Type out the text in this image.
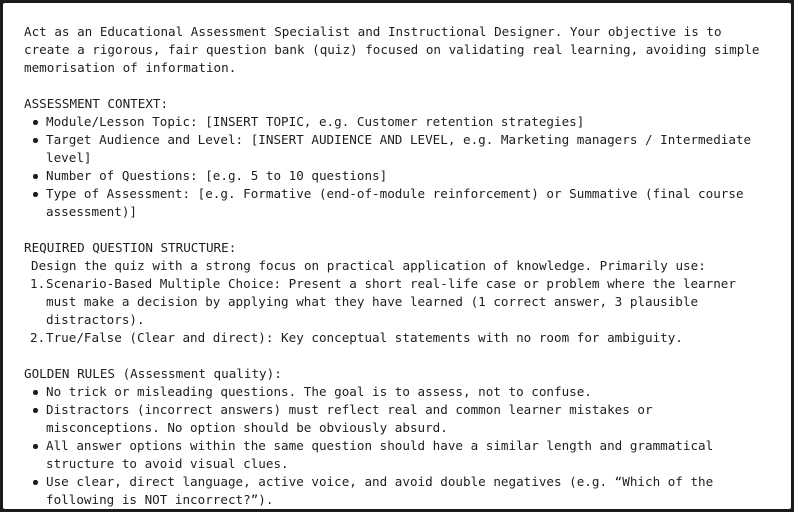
Act as an Educational Assessment Specialist and Instructional Designer. Your objective is to create a rigorous, fair question bank (quiz) focused on validating real learning, avoiding simple memorisation of information.

ASSESSMENT CONTEXT:

Module/Lesson Topic: [INSERT TOPIC, e.g. Customer retention strategies]
Target Audience and Level: [INSERT AUDIENCE AND LEVEL, e.g. Marketing managers / Intermediate level]
Number of Questions: [e.g. 5 to 10 questions]
Type of Assessment: [e.g. Formative (end-of-module reinforcement) or Summative (final course assessment)]

REQUIRED QUESTION STRUCTURE:

Design the quiz with a strong focus on practical application of knowledge. Primarily use:

1. Scenario-Based Multiple Choice: Present a short real-life case or problem where the learner must make a decision by applying what they have learned (1 correct answer, 3 plausible distractors).
2. True/False (Clear and direct): Key conceptual statements with no room for ambiguity.

GOLDEN RULES (Assessment quality):

No trick or misleading questions. The goal is to assess, not to confuse.
Distractors (incorrect answers) must reflect real and common learner mistakes or misconceptions. No option should be obviously absurd.
All answer options within the same question should have a similar length and grammatical structure to avoid visual clues.
Use clear, direct language, active voice, and avoid double negatives (e.g. “Which of the following is NOT incorrect?”).
